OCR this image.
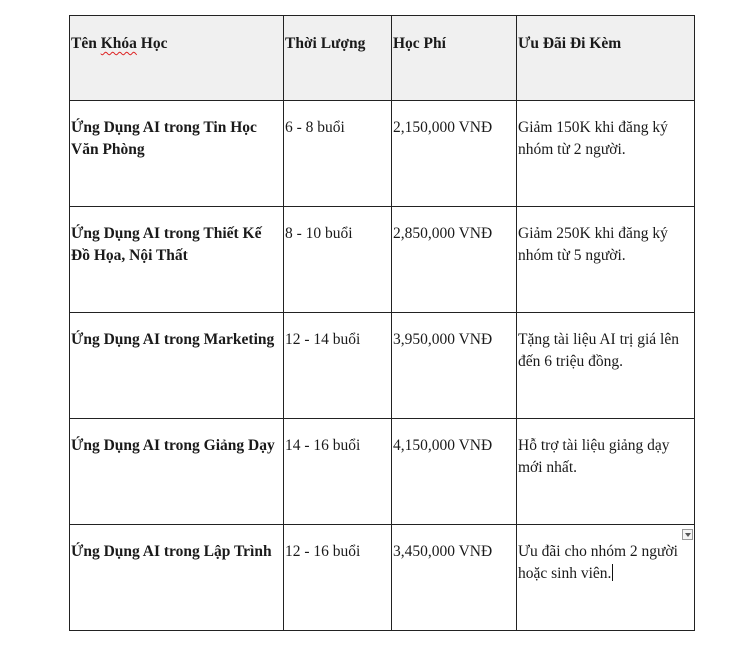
Tên Khóa Học	Thời Lượng	Học Phí	Ưu Đãi Đi Kèm

Ứng Dụng AI trong Tin Học Văn Phòng	6 - 8 buổi	2,150,000 VNĐ	Giảm 150K khi đăng ký nhóm từ 2 người.

Ứng Dụng AI trong Thiết Kế Đồ Họa, Nội Thất	8 - 10 buổi	2,850,000 VNĐ	Giảm 250K khi đăng ký nhóm từ 5 người.

Ứng Dụng AI trong Marketing	12 - 14 buổi	3,950,000 VNĐ	Tặng tài liệu AI trị giá lên đến 6 triệu đồng.

Ứng Dụng AI trong Giảng Dạy	14 - 16 buổi	4,150,000 VNĐ	Hỗ trợ tài liệu giảng dạy mới nhất.

Ứng Dụng AI trong Lập Trình	12 - 16 buổi	3,450,000 VNĐ	Ưu đãi cho nhóm 2 người hoặc sinh viên.
